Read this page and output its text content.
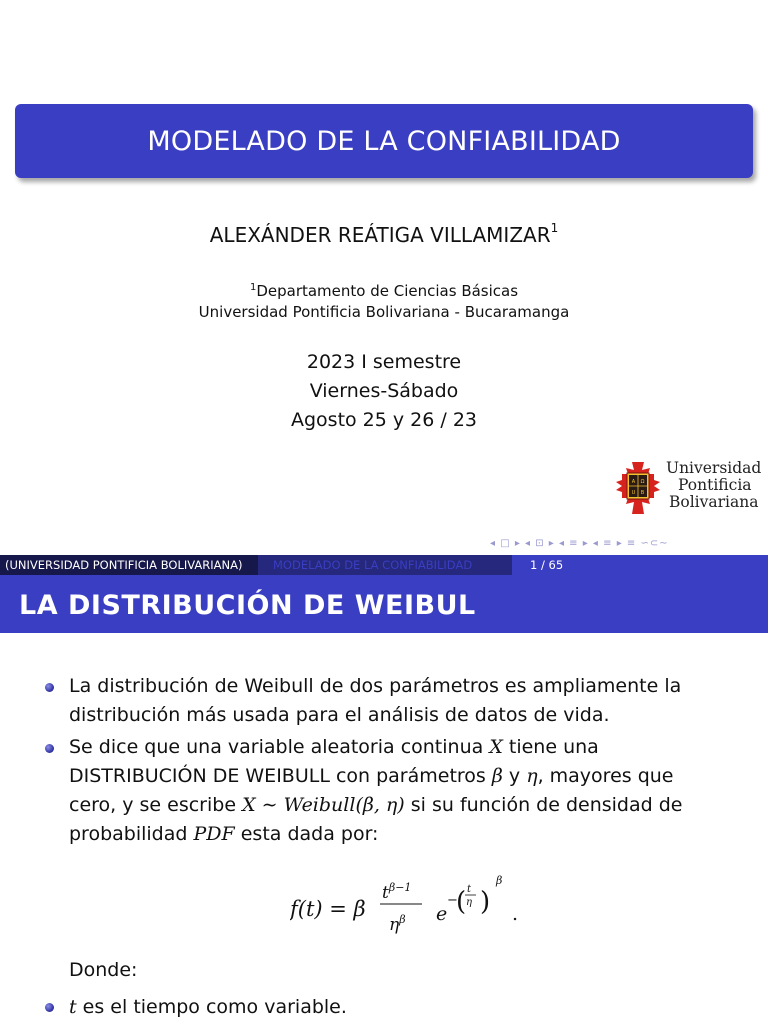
MODELADO DE LA CONFIABILIDAD
ALEXÁNDER REÁTIGA VILLAMIZAR$^1$
$^1$Departamento de Ciencias Básicas
Universidad Pontificia Bolivariana - Bucaramanga
2023 I semestre
Viernes-Sábado
Agosto 25 y 26 / 23
A Ω
U B
Universidad
Pontificia
Bolivariana
◂ □ ▸ ◂ ⊡ ▸ ◂ ≡ ▸ ◂ ≡ ▸ ≡ ∽⊂∼
(UNIVERSIDAD PONTIFICIA BOLIVARIANA)	MODELADO DE LA CONFIABILIDAD	1 / 65
LA DISTRIBUCIÓN DE WEIBUL
La distribución de Weibull de dos parámetros es ampliamente la
distribución más usada para el análisis de datos de vida.
Se dice que una variable aleatoria continua X tiene una
DISTRIBUCIÓN DE WEIBULL con parámetros β y η, mayores que
cero, y se escribe X ∼ Weibull(β, η) si su función de densidad de
probabilidad PDF esta dada por:
f(t) = β
$t^{\beta-1}$
$\eta^\beta$ e
−
( t
η )
β
.
Donde:
t es el tiempo como variable.
